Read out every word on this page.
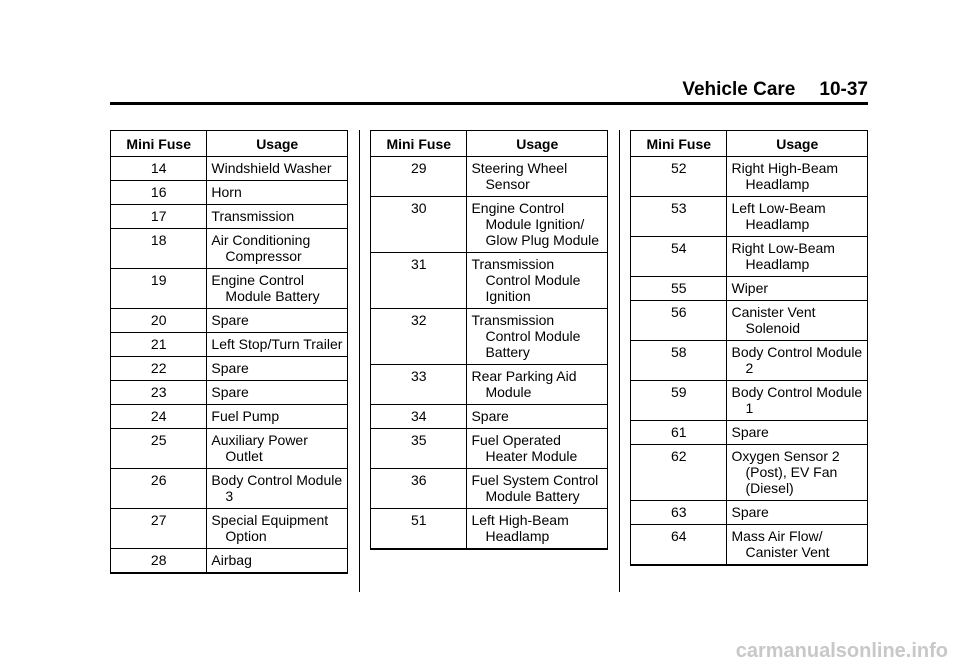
Vehicle Care 10-37
Mini Fuse	Usage
14	Windshield Washer

16	Horn

17	Transmission

18	Air Conditioning Compressor

19	Engine Control Module Battery

20	Spare

21	Left Stop/Turn Trailer

22	Spare

23	Spare

24	Fuel Pump

25	Auxiliary Power Outlet

26	Body Control Module 3

27	Special Equipment Option

28	Airbag
Mini Fuse	Usage
29	Steering Wheel Sensor

30	Engine Control Module Ignition/ Glow Plug Module

31	Transmission Control Module Ignition

32	Transmission Control Module Battery

33	Rear Parking Aid Module

34	Spare

35	Fuel Operated Heater Module

36	Fuel System Control Module Battery

51	Left High-Beam Headlamp
Mini Fuse	Usage
52	Right High-Beam Headlamp

53	Left Low-Beam Headlamp

54	Right Low-Beam Headlamp

55	Wiper

56	Canister Vent Solenoid

58	Body Control Module 2

59	Body Control Module 1

61	Spare

62	Oxygen Sensor 2 (Post), EV Fan (Diesel)

63	Spare

64	Mass Air Flow/ Canister Vent
carmanualsonline.info
